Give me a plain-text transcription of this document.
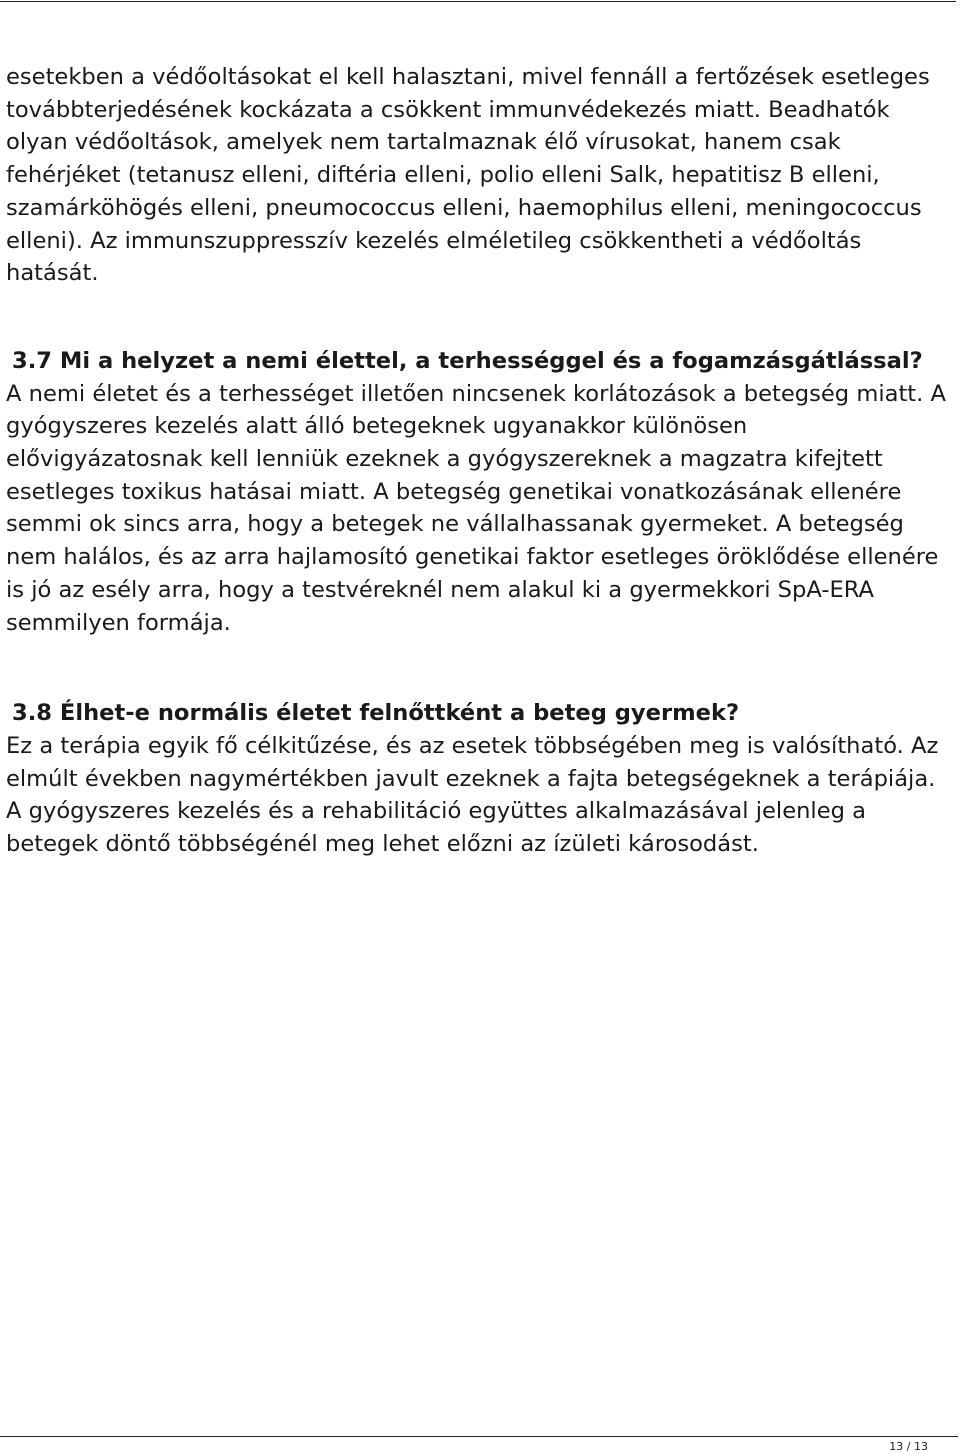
esetekben a védőoltásokat el kell halasztani, mivel fennáll a fertőzések esetleges továbbterjedésének kockázata a csökkent immunvédekezés miatt. Beadhatók olyan védőoltások, amelyek nem tartalmaznak élő vírusokat, hanem csak fehérjéket (tetanusz elleni, diftéria elleni, polio elleni Salk, hepatitisz B elleni, szamárköhögés elleni, pneumococcus elleni, haemophilus elleni, meningococcus elleni). Az immunszuppresszív kezelés elméletileg csökkentheti a védőoltás hatását.

3.7 Mi a helyzet a nemi élettel, a terhességgel és a fogamzásgátlással?

A nemi életet és a terhességet illetően nincsenek korlátozások a betegség miatt. A gyógyszeres kezelés alatt álló betegeknek ugyanakkor különösen elővigyázatosnak kell lenniük ezeknek a gyógyszereknek a magzatra kifejtett esetleges toxikus hatásai miatt. A betegség genetikai vonatkozásának ellenére semmi ok sincs arra, hogy a betegek ne vállalhassanak gyermeket. A betegség nem halálos, és az arra hajlamosító genetikai faktor esetleges öröklődése ellenére is jó az esély arra, hogy a testvéreknél nem alakul ki a gyermekkori SpA-ERA semmilyen formája.

3.8 Élhet-e normális életet felnőttként a beteg gyermek?

Ez a terápia egyik fő célkitűzése, és az esetek többségében meg is valósítható. Az elmúlt években nagymértékben javult ezeknek a fajta betegségeknek a terápiája. A gyógyszeres kezelés és a rehabilitáció együttes alkalmazásával jelenleg a betegek döntő többségénél meg lehet előzni az ízületi károsodást.

13 / 13
